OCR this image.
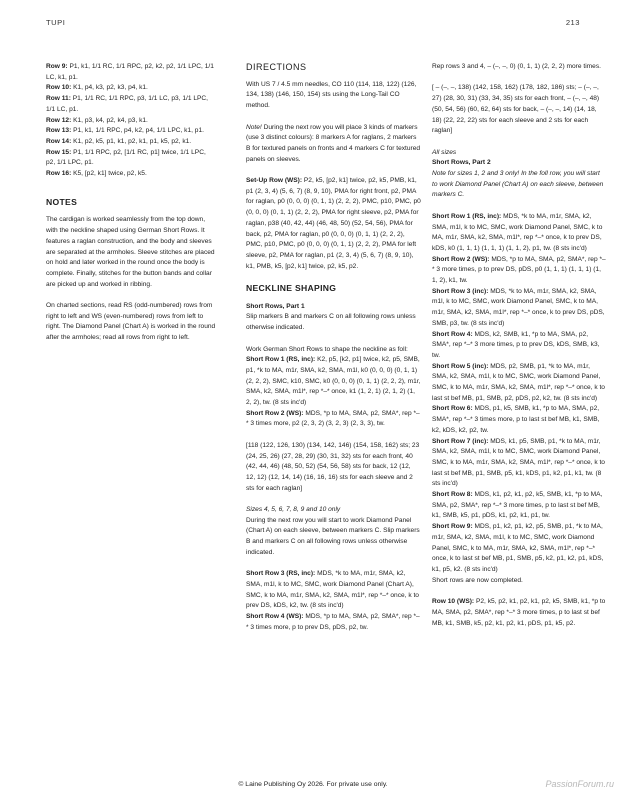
TUPI	213
Row 9: P1, k1, 1/1 RC, 1/1 RPC, p2, k2, p2, 1/1 LPC, 1/1 LC, k1, p1.
Row 10: K1, p4, k3, p2, k3, p4, k1.
Row 11: P1, 1/1 RC, 1/1 RPC, p3, 1/1 LC, p3, 1/1 LPC, 1/1 LC, p1.
Row 12: K1, p3, k4, p2, k4, p3, k1.
Row 13: P1, k1, 1/1 RPC, p4, k2, p4, 1/1 LPC, k1, p1.
Row 14: K1, p2, k5, p1, k1, p2, k1, p1, k5, p2, k1.
Row 15: P1, 1/1 RPC, p2, [1/1 RC, p1] twice, 1/1 LPC, p2, 1/1 LPC, p1.
Row 16: K5, [p2, k1] twice, p2, k5.
NOTES
The cardigan is worked seamlessly from the top down, with the neckline shaped using German Short Rows. It features a raglan construction, and the body and sleeves are separated at the armholes. Sleeve stitches are placed on hold and later worked in the round once the body is complete. Finally, stitches for the button bands and collar are picked up and worked in ribbing.
On charted sections, read RS (odd-numbered) rows from right to left and WS (even-numbered) rows from left to right. The Diamond Panel (Chart A) is worked in the round after the armholes; read all rows from right to left.
DIRECTIONS
With US 7 / 4.5 mm needles, CO 110 (114, 118, 122) (126, 134, 138) (146, 150, 154) sts using the Long-Tail CO method.
Note! During the next row you will place 3 kinds of markers (use 3 distinct colours): 8 markers A for raglans, 2 markers B for textured panels on fronts and 4 markers C for textured panels on sleeves.
Set-Up Row (WS): P2, k5, [p2, k1] twice, p2, k5, PMB, k1, p1 (2, 3, 4) (5, 6, 7) (8, 9, 10), PMA for right front, p2, PMA for raglan, p0 (0, 0, 0) (0, 1, 1) (2, 2, 2), PMC, p10, PMC, p0 (0, 0, 0) (0, 1, 1) (2, 2, 2), PMA for right sleeve, p2, PMA for raglan, p38 (40, 42, 44) (46, 48, 50) (52, 54, 56), PMA for back, p2, PMA for raglan, p0 (0, 0, 0) (0, 1, 1) (2, 2, 2), PMC, p10, PMC, p0 (0, 0, 0) (0, 1, 1) (2, 2, 2), PMA for left sleeve, p2, PMA for raglan, p1 (2, 3, 4) (5, 6, 7) (8, 9, 10), k1, PMB, k5, [p2, k1] twice, p2, k5, p2.
NECKLINE SHAPING
Short Rows, Part 1
Slip markers B and markers C on all following rows unless otherwise indicated.
Work German Short Rows to shape the neckline as foll:
Short Row 1 (RS, inc): K2, p5, [k2, p1] twice, k2, p5, SMB, p1, *k to MA, m1r, SMA, k2, SMA, m1l, k0 (0, 0, 0) (0, 1, 1) (2, 2, 2), SMC, k10, SMC, k0 (0, 0, 0) (0, 1, 1) (2, 2, 2), m1r, SMA, k2, SMA, m1l*, rep *–* once, k1 (1, 2, 1) (2, 1, 2) (1, 2, 2), tw. (8 sts inc'd)
Short Row 2 (WS): MDS, *p to MA, SMA, p2, SMA*, rep *–* 3 times more, p2 (2, 3, 2) (3, 2, 3) (2, 3, 3), tw.
[118 (122, 126, 130) (134, 142, 146) (154, 158, 162) sts; 23 (24, 25, 26) (27, 28, 29) (30, 31, 32) sts for each front, 40 (42, 44, 46) (48, 50, 52) (54, 56, 58) sts for back, 12 (12, 12, 12) (12, 14, 14) (16, 16, 16) sts for each sleeve and 2 sts for each raglan]
Sizes 4, 5, 6, 7, 8, 9 and 10 only
During the next row you will start to work Diamond Panel (Chart A) on each sleeve, between markers C. Slip markers B and markers C on all following rows unless otherwise indicated.
Short Row 3 (RS, inc): MDS, *k to MA, m1r, SMA, k2, SMA, m1l, k to MC, SMC, work Diamond Panel (Chart A), SMC, k to MA, m1r, SMA, k2, SMA, m1l*, rep *–* once, k to prev DS, kDS, k2, tw. (8 sts inc'd)
Short Row 4 (WS): MDS, *p to MA, SMA, p2, SMA*, rep *–* 3 times more, p to prev DS, pDS, p2, tw.
Rep rows 3 and 4, – (–, –, 0) (0, 1, 1) (2, 2, 2) more times.
[ – (–, –, 138) (142, 158, 162) (178, 182, 186) sts; – (–, –, 27) (28, 30, 31) (33, 34, 35) sts for each front, – (–, –, 48) (50, 54, 56) (60, 62, 64) sts for back, – (–, –, 14) (14, 18, 18) (22, 22, 22) sts for each sleeve and 2 sts for each raglan]
All sizes
Short Rows, Part 2
Note for sizes 1, 2 and 3 only! In the foll row, you will start to work Diamond Panel (Chart A) on each sleeve, between markers C.
Short Row 1 (RS, inc): MDS, *k to MA, m1r, SMA, k2, SMA, m1l, k to MC, SMC, work Diamond Panel, SMC, k to MA, m1r, SMA, k2, SMA, m1l*, rep *–* once, k to prev DS, kDS, k0 (1, 1, 1) (1, 1, 1) (1, 1, 2), p1, tw. (8 sts inc'd)
Short Row 2 (WS): MDS, *p to MA, SMA, p2, SMA*, rep *–* 3 more times, p to prev DS, pDS, p0 (1, 1, 1) (1, 1, 1) (1, 1, 2), k1, tw.
Short Row 3 (inc): MDS, *k to MA, m1r, SMA, k2, SMA, m1l, k to MC, SMC, work Diamond Panel, SMC, k to MA, m1r, SMA, k2, SMA, m1l*, rep *–* once, k to prev DS, pDS, SMB, p3, tw. (8 sts inc'd)
Short Row 4: MDS, k2, SMB, k1, *p to MA, SMA, p2, SMA*, rep *–* 3 more times, p to prev DS, kDS, SMB, k3, tw.
Short Row 5 (inc): MDS, p2, SMB, p1, *k to MA, m1r, SMA, k2, SMA, m1l, k to MC, SMC, work Diamond Panel, SMC, k to MA, m1r, SMA, k2, SMA, m1l*, rep *–* once, k to last st bef MB, p1, SMB, p2, pDS, p2, k2, tw. (8 sts inc'd)
Short Row 6: MDS, p1, k5, SMB, k1, *p to MA, SMA, p2, SMA*, rep *–* 3 times more, p to last st bef MB, k1, SMB, k2, kDS, k2, p2, tw.
Short Row 7 (inc): MDS, k1, p5, SMB, p1, *k to MA, m1r, SMA, k2, SMA, m1l, k to MC, SMC, work Diamond Panel, SMC, k to MA, m1r, SMA, k2, SMA, m1l*, rep *–* once, k to last st bef MB, p1, SMB, p5, k1, kDS, p1, k2, p1, k1, tw. (8 sts inc'd)
Short Row 8: MDS, k1, p2, k1, p2, k5, SMB, k1, *p to MA, SMA, p2, SMA*, rep *–* 3 more times, p to last st bef MB, k1, SMB, k5, p1, pDS, k1, p2, k1, p1, tw.
Short Row 9: MDS, p1, k2, p1, k2, p5, SMB, p1, *k to MA, m1r, SMA, k2, SMA, m1l, k to MC, SMC, work Diamond Panel, SMC, k to MA, m1r, SMA, k2, SMA, m1l*, rep *–* once, k to last st bef MB, p1, SMB, p5, k2, p1, k2, p1, kDS, k1, p5, k2. (8 sts inc'd)
Short rows are now completed.
Row 10 (WS): P2, k5, p2, k1, p2, k1, p2, k5, SMB, k1, *p to MA, SMA, p2, SMA*, rep *–* 3 more times, p to last st bef MB, k1, SMB, k5, p2, k1, p2, k1, pDS, p1, k5, p2.
© Laine Publishing Oy 2026. For private use only.	PassionForum.ru
